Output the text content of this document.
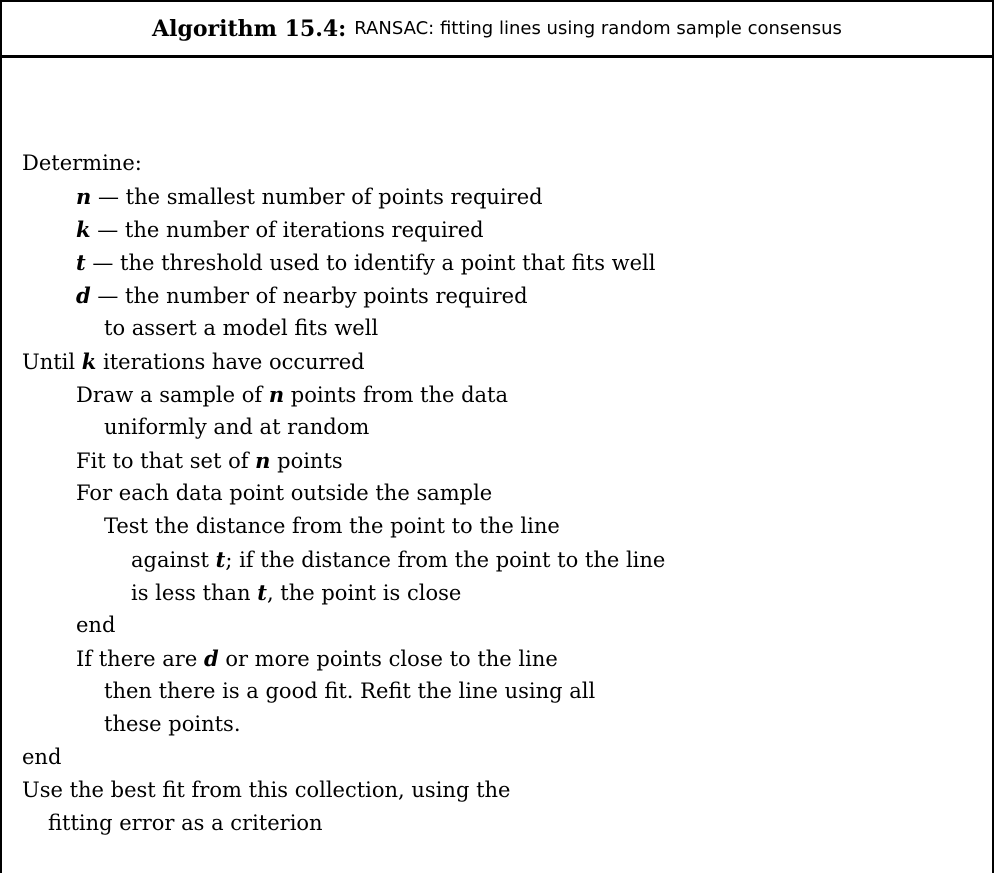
Algorithm 15.4: RANSAC: fitting lines using random sample consensus
Determine:
n — the smallest number of points required
k — the number of iterations required
t — the threshold used to identify a point that fits well
d — the number of nearby points required
to assert a model fits well
Until k iterations have occurred
Draw a sample of n points from the data
uniformly and at random
Fit to that set of n points
For each data point outside the sample
Test the distance from the point to the line
against t; if the distance from the point to the line
is less than t, the point is close
end
If there are d or more points close to the line
then there is a good fit. Refit the line using all
these points.
end
Use the best fit from this collection, using the
fitting error as a criterion
